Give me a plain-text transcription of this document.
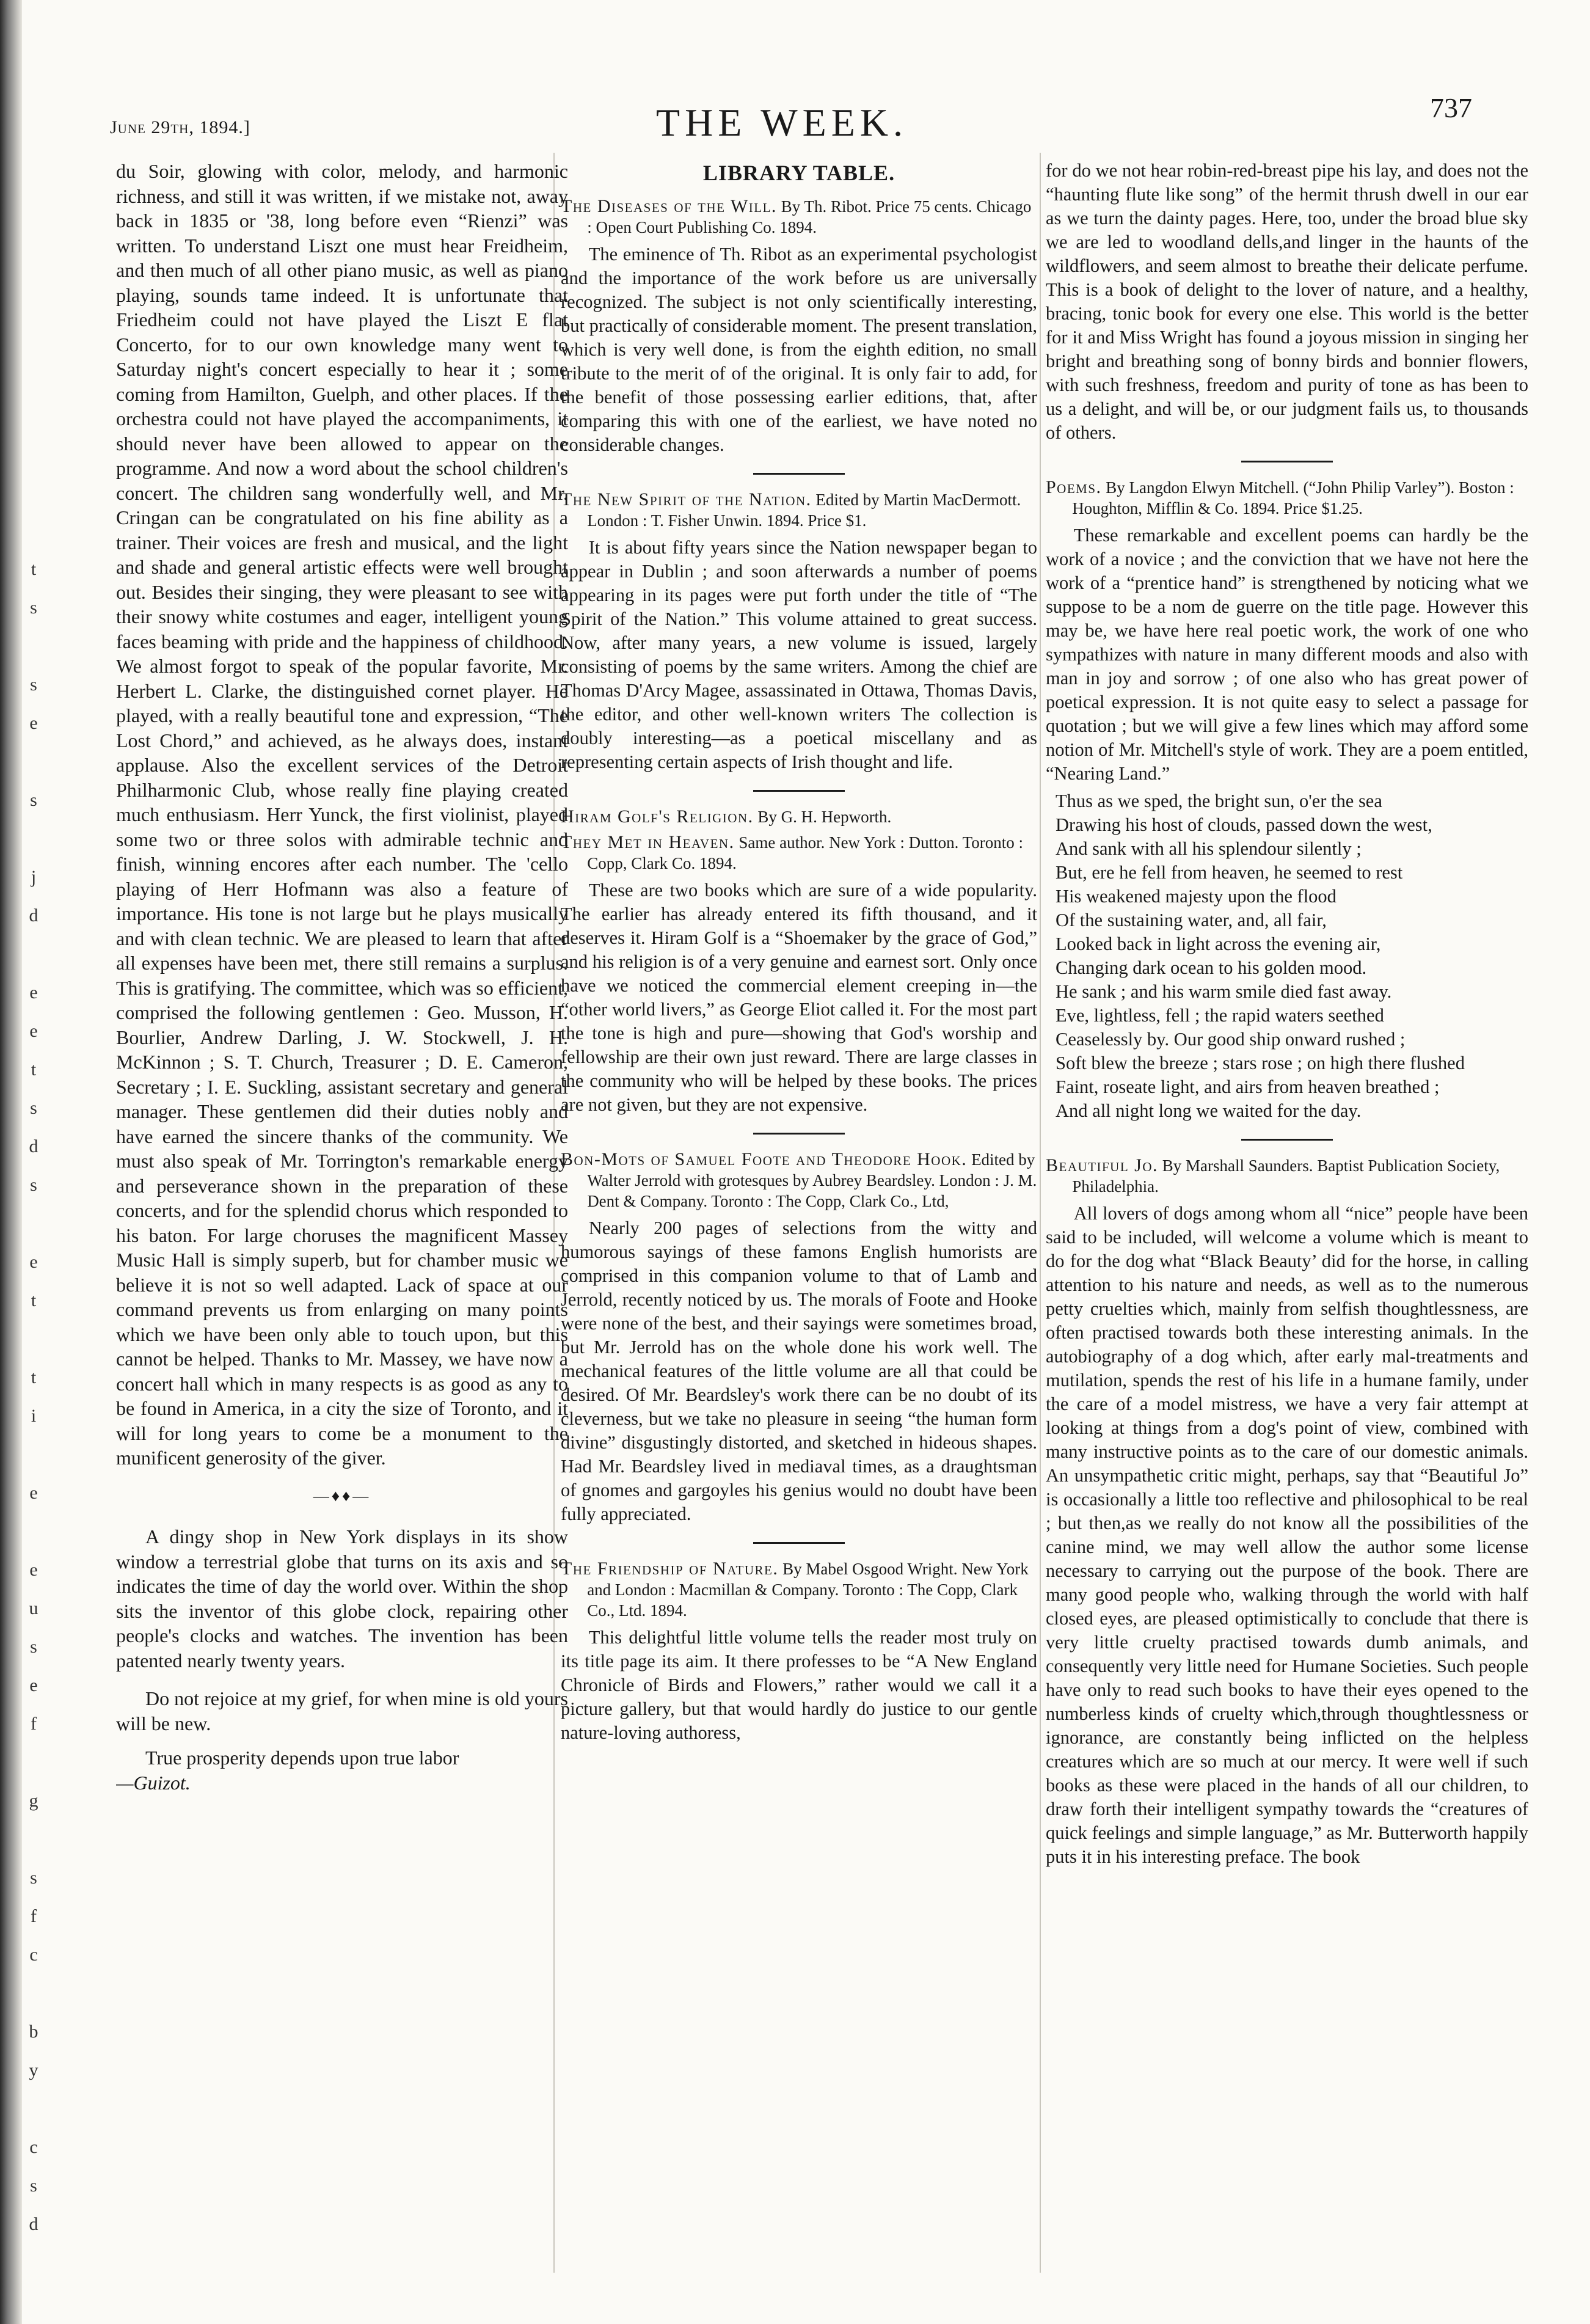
t
s

s
e

s

j
d

e
e
t
s
d
s

e
t

t
i

e

e
u
s
e
f

g

s
f
c

b
y

c
s
d
June 29th, 1894.]	THE WEEK.	737

du Soir, glowing with color, melody, and harmonic richness, and still it was written, if we mistake not, away back in 1835 or '38, long before even “Rienzi” was written. To understand Liszt one must hear Freidheim, and then much of all other piano music, as well as piano playing, sounds tame indeed. It is unfortunate that Friedheim could not have played the Liszt E flat Concerto, for to our own knowledge many went to Saturday night's concert especially to hear it ; some coming from Hamilton, Guelph, and other places. If the orchestra could not have played the accompaniments, it should never have been allowed to appear on the programme. And now a word about the school children's concert. The children sang wonderfully well, and Mr. Cringan can be congratulated on his fine ability as a trainer. Their voices are fresh and musical, and the light and shade and general artistic effects were well brought out. Besides their singing, they were pleasant to see with their snowy white costumes and eager, intelligent young faces beaming with pride and the happiness of childhood. We almost forgot to speak of the popular favorite, Mr. Herbert L. Clarke, the distinguished cornet player. He played, with a really beautiful tone and expression, “The Lost Chord,” and achieved, as he always does, instant applause. Also the excellent services of the Detroit Philharmonic Club, whose really fine playing created much enthusiasm. Herr Yunck, the first violinist, played some two or three solos with admirable technic and finish, winning encores after each number. The 'cello playing of Herr Hofmann was also a feature of importance. His tone is not large but he plays musically and with clean technic. We are pleased to learn that after all expenses have been met, there still remains a surplus. This is gratifying. The committee, which was so efficient, comprised the following gentlemen : Geo. Musson, H. Bourlier, Andrew Darling, J. W. Stockwell, J. H. McKinnon ; S. T. Church, Treasurer ; D. E. Cameron, Secretary ; I. E. Suckling, assistant secretary and general manager. These gentlemen did their duties nobly and have earned the sincere thanks of the community. We must also speak of Mr. Torrington's remarkable energy and perseverance shown in the preparation of these concerts, and for the splendid chorus which responded to his baton. For large choruses the magnificent Massey Music Hall is simply superb, but for chamber music we believe it is not so well adapted. Lack of space at our command prevents us from enlarging on many points which we have been only able to touch upon, but this cannot be helped. Thanks to Mr. Massey, we have now a concert hall which in many respects is as good as any to be found in America, in a city the size of Toronto, and it will for long years to come be a monument to the munificent generosity of the giver.

—♦♦—

A dingy shop in New York displays in its show window a terrestrial globe that turns on its axis and so indicates the time of day the world over. Within the shop sits the inventor of this globe clock, repairing other people's clocks and watches. The invention has been patented nearly twenty years.

Do not rejoice at my grief, for when mine is old yours will be new.

True prosperity depends upon true labor

—Guizot.
LIBRARY TABLE.
The Diseases of the Will. By Th. Ribot. Price 75 cents. Chicago : Open Court Publishing Co. 1894.

The eminence of Th. Ribot as an experimental psychologist and the importance of the work before us are universally recognized. The subject is not only scientifically interesting, but practically of considerable moment. The present translation, which is very well done, is from the eighth edition, no small tribute to the merit of of the original. It is only fair to add, for the benefit of those possessing earlier editions, that, after comparing this with one of the earliest, we have noted no considerable changes.

The New Spirit of the Nation. Edited by Martin MacDermott. London : T. Fisher Unwin. 1894. Price $1.

It is about fifty years since the Nation newspaper began to appear in Dublin ; and soon afterwards a number of poems appearing in its pages were put forth under the title of “The Spirit of the Nation.” This volume attained to great success. Now, after many years, a new volume is issued, largely consisting of poems by the same writers. Among the chief are Thomas D'Arcy Magee, assassinated in Ottawa, Thomas Davis, the editor, and other well-known writers The collection is doubly interesting—as a poetical miscellany and as representing certain aspects of Irish thought and life.

Hiram Golf's Religion. By G. H. Hepworth.
They Met in Heaven. Same author. New York : Dutton. Toronto : Copp, Clark Co. 1894.

These are two books which are sure of a wide popularity. The earlier has already entered its fifth thousand, and it deserves it. Hiram Golf is a “Shoemaker by the grace of God,” and his religion is of a very genuine and earnest sort. Only once have we noticed the commercial element creeping in—the “other world livers,” as George Eliot called it. For the most part the tone is high and pure—showing that God's worship and fellowship are their own just reward. There are large classes in the community who will be helped by these books. The prices are not given, but they are not expensive.

Bon-Mots of Samuel Foote and Theodore Hook. Edited by Walter Jerrold with grotesques by Aubrey Beardsley. London : J. M. Dent & Company. Toronto : The Copp, Clark Co., Ltd,

Nearly 200 pages of selections from the witty and humorous sayings of these famons English humorists are comprised in this companion volume to that of Lamb and Jerrold, recently noticed by us. The morals of Foote and Hooke were none of the best, and their sayings were sometimes broad, but Mr. Jerrold has on the whole done his work well. The mechanical features of the little volume are all that could be desired. Of Mr. Beardsley's work there can be no doubt of its cleverness, but we take no pleasure in seeing “the human form divine” disgustingly distorted, and sketched in hideous shapes. Had Mr. Beardsley lived in mediaval times, as a draughtsman of gnomes and gargoyles his genius would no doubt have been fully appreciated.

The Friendship of Nature. By Mabel Osgood Wright. New York and London : Macmillan & Company. Toronto : The Copp, Clark Co., Ltd. 1894.

This delightful little volume tells the reader most truly on its title page its aim. It there professes to be “A New England Chronicle of Birds and Flowers,” rather would we call it a picture gallery, but that would hardly do justice to our gentle nature-loving authoress,

for do we not hear robin-red-breast pipe his lay, and does not the “haunting flute like song” of the hermit thrush dwell in our ear as we turn the dainty pages. Here, too, under the broad blue sky we are led to woodland dells,and linger in the haunts of the wildflowers, and seem almost to breathe their delicate perfume. This is a book of delight to the lover of nature, and a healthy, bracing, tonic book for every one else. This world is the better for it and Miss Wright has found a joyous mission in singing her bright and breathing song of bonny birds and bonnier flowers, with such freshness, freedom and purity of tone as has been to us a delight, and will be, or our judgment fails us, to thousands of others.

Poems. By Langdon Elwyn Mitchell. (“John Philip Varley”). Boston : Houghton, Mifflin & Co. 1894. Price $1.25.

These remarkable and excellent poems can hardly be the work of a novice ; and the conviction that we have not here the work of a “prentice hand” is strengthened by noticing what we suppose to be a nom de guerre on the title page. However this may be, we have here real poetic work, the work of one who sympathizes with nature in many different moods and also with man in joy and sorrow ; of one also who has great power of poetical expression. It is not quite easy to select a passage for quotation ; but we will give a few lines which may afford some notion of Mr. Mitchell's style of work. They are a poem entitled, “Nearing Land.”

Thus as we sped, the bright sun, o'er the sea
Drawing his host of clouds, passed down the west,
And sank with all his splendour silently ;
But, ere he fell from heaven, he seemed to rest
His weakened majesty upon the flood
Of the sustaining water, and, all fair,
Looked back in light across the evening air,
Changing dark ocean to his golden mood.
He sank ; and his warm smile died fast away.
Eve, lightless, fell ; the rapid waters seethed
Ceaselessly by. Our good ship onward rushed ;
Soft blew the breeze ; stars rose ; on high there flushed
Faint, roseate light, and airs from heaven breathed ;
And all night long we waited for the day.
Beautiful Jo. By Marshall Saunders. Baptist Publication Society, Philadelphia.

All lovers of dogs among whom all “nice” people have been said to be included, will welcome a volume which is meant to do for the dog what “Black Beauty’ did for the horse, in calling attention to his nature and needs, as well as to the numerous petty cruelties which, mainly from selfish thoughtlessness, are often practised towards both these interesting animals. In the autobiography of a dog which, after early mal-treatments and mutilation, spends the rest of his life in a humane family, under the care of a model mistress, we have a very fair attempt at looking at things from a dog's point of view, combined with many instructive points as to the care of our domestic animals. An unsympathetic critic might, perhaps, say that “Beautiful Jo” is occasionally a little too reflective and philosophical to be real ; but then,as we really do not know all the possibilities of the canine mind, we may well allow the author some license necessary to carrying out the purpose of the book. There are many good people who, walking through the world with half closed eyes, are pleased optimistically to conclude that there is very little cruelty practised towards dumb animals, and consequently very little need for Humane Societies. Such people have only to read such books to have their eyes opened to the numberless kinds of cruelty which,through thoughtlessness or ignorance, are constantly being inflicted on the helpless creatures which are so much at our mercy. It were well if such books as these were placed in the hands of all our children, to draw forth their intelligent sympathy towards the “creatures of quick feelings and simple language,” as Mr. Butterworth happily puts it in his interesting preface. The book
